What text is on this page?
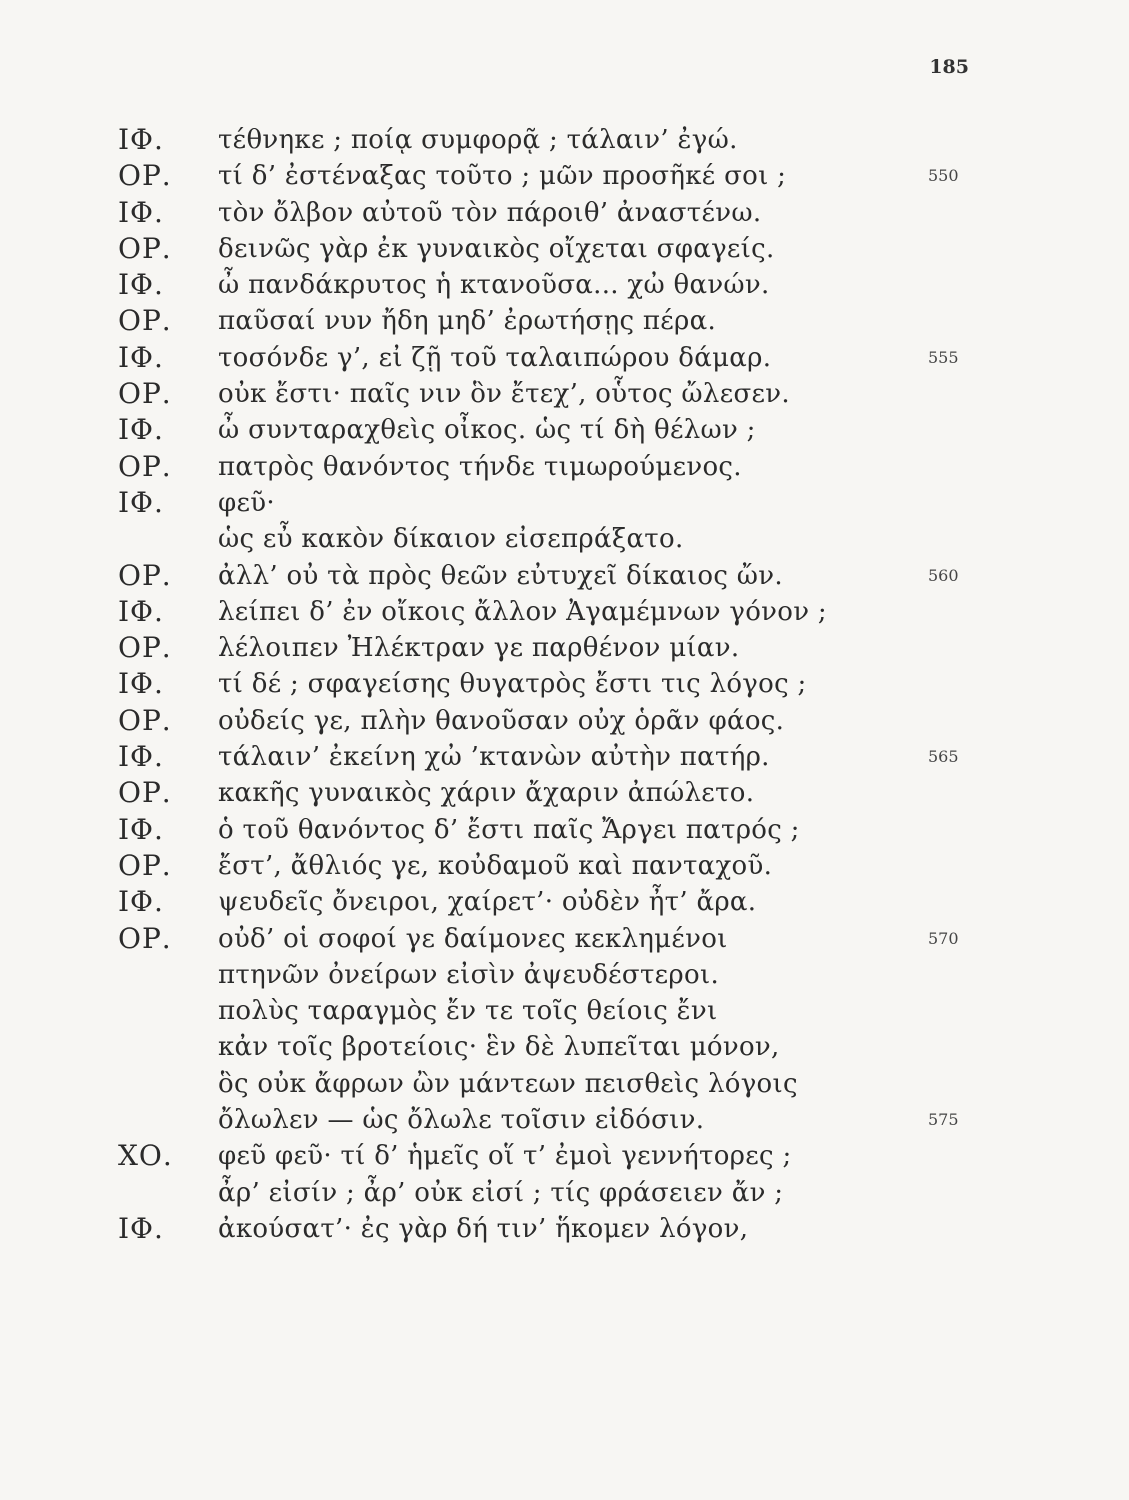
185
ΙΦ.	τέθνηκε ; ποίᾳ συμφορᾷ ; τάλαιν’ ἐγώ.
ΟΡ.	τί δ’ ἐστέναξας τοῦτο ; μῶν προσῆκέ σοι ;	550
ΙΦ.	τὸν ὄλβον αὐτοῦ τὸν πάροιθ’ ἀναστένω.
ΟΡ.	δεινῶς γὰρ ἐκ γυναικὸς οἴχεται σφαγείς.
ΙΦ.	ὦ πανδάκρυτος ἡ κτανοῦσα... χὠ θανών.
ΟΡ.	παῦσαί νυν ἤδη μηδ’ ἐρωτήσῃς πέρα.
ΙΦ.	τοσόνδε γ’, εἰ ζῇ τοῦ ταλαιπώρου δάμαρ.	555
ΟΡ.	οὐκ ἔστι· παῖς νιν ὃν ἔτεχ’, οὗτος ὤλεσεν.
ΙΦ.	ὦ συνταραχθεὶς οἶκος. ὡς τί δὴ θέλων ;
ΟΡ.	πατρὸς θανόντος τήνδε τιμωρούμενος.
ΙΦ.	φεῦ·
ὡς εὖ κακὸν δίκαιον εἰσεπράξατο.
ΟΡ.	ἀλλ’ οὐ τὰ πρὸς θεῶν εὐτυχεῖ δίκαιος ὤν.	560
ΙΦ.	λείπει δ’ ἐν οἴκοις ἄλλον Ἀγαμέμνων γόνον ;
ΟΡ.	λέλοιπεν Ἠλέκτραν γε παρθένον μίαν.
ΙΦ.	τί δέ ; σφαγείσης θυγατρὸς ἔστι τις λόγος ;
ΟΡ.	οὐδείς γε, πλὴν θανοῦσαν οὐχ ὁρᾶν φάος.
ΙΦ.	τάλαιν’ ἐκείνη χὠ ’κτανὼν αὐτὴν πατήρ.	565
ΟΡ.	κακῆς γυναικὸς χάριν ἄχαριν ἀπώλετο.
ΙΦ.	ὁ τοῦ θανόντος δ’ ἔστι παῖς Ἄργει πατρός ;
ΟΡ.	ἔστ’, ἄθλιός γε, κοὐδαμοῦ καὶ πανταχοῦ.
ΙΦ.	ψευδεῖς ὄνειροι, χαίρετ’· οὐδὲν ἦτ’ ἄρα.
ΟΡ.	οὐδ’ οἱ σοφοί γε δαίμονες κεκλημένοι	570
πτηνῶν ὀνείρων εἰσὶν ἀψευδέστεροι.
πολὺς ταραγμὸς ἔν τε τοῖς θείοις ἔνι
κἀν τοῖς βροτείοις· ἓν δὲ λυπεῖται μόνον,
ὃς οὐκ ἄφρων ὢν μάντεων πεισθεὶς λόγοις
ὄλωλεν — ὡς ὄλωλε τοῖσιν εἰδόσιν.	575
ΧΟ.	φεῦ φεῦ· τί δ’ ἡμεῖς οἵ τ’ ἐμοὶ γεννήτορες ;
ἆρ’ εἰσίν ; ἆρ’ οὐκ εἰσί ; τίς φράσειεν ἄν ;
ΙΦ.	ἀκούσατ’· ἐς γὰρ δή τιν’ ἥκομεν λόγον,
